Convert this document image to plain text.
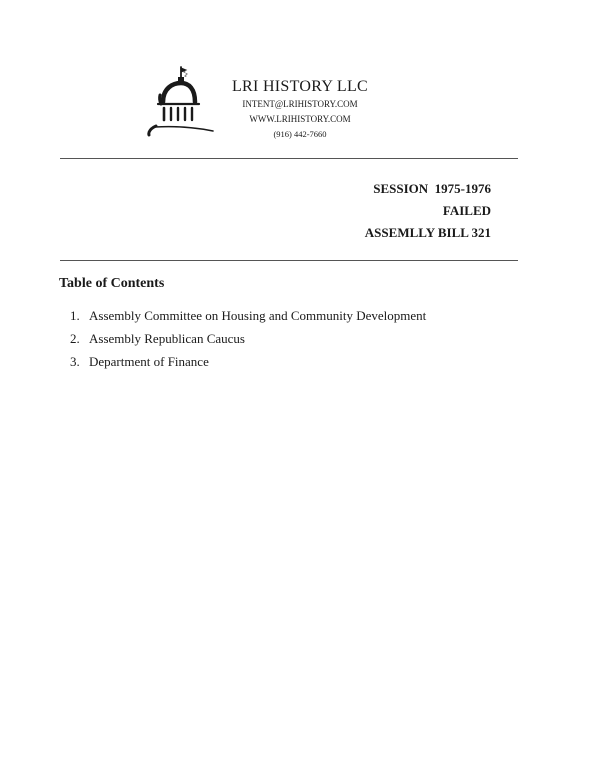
LRI HISTORY LLC
INTENT@LRIHISTORY.COM
WWW.LRIHISTORY.COM
(916) 442-7660
SESSION  1975-1976
FAILED
ASSEMLLY BILL 321
Table of Contents
1. Assembly Committee on Housing and Community Development
2. Assembly Republican Caucus
3. Department of Finance
